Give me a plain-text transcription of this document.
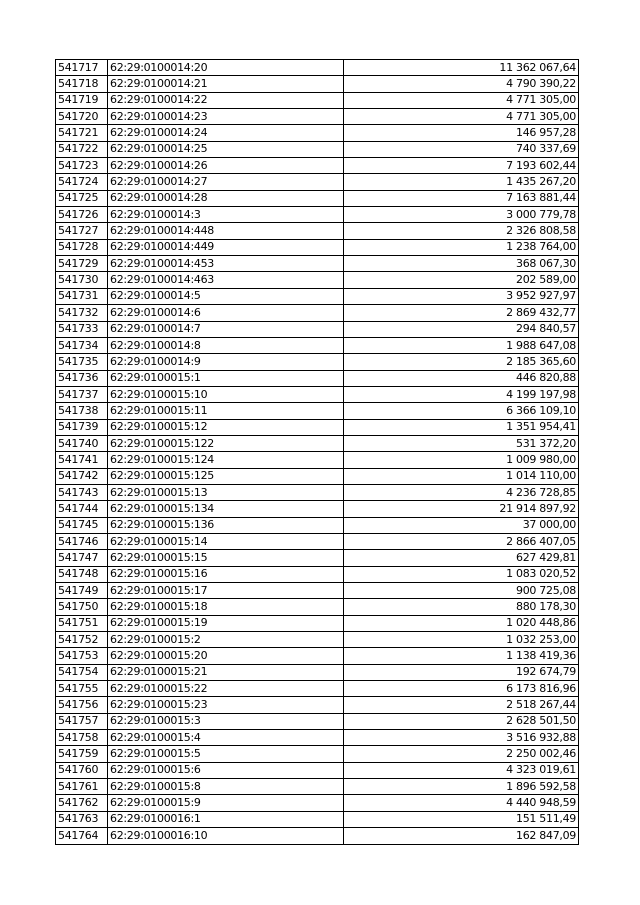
541717	62:29:0100014:20	11 362 067,64
541718	62:29:0100014:21	4 790 390,22
541719	62:29:0100014:22	4 771 305,00
541720	62:29:0100014:23	4 771 305,00
541721	62:29:0100014:24	146 957,28
541722	62:29:0100014:25	740 337,69
541723	62:29:0100014:26	7 193 602,44
541724	62:29:0100014:27	1 435 267,20
541725	62:29:0100014:28	7 163 881,44
541726	62:29:0100014:3	3 000 779,78
541727	62:29:0100014:448	2 326 808,58
541728	62:29:0100014:449	1 238 764,00
541729	62:29:0100014:453	368 067,30
541730	62:29:0100014:463	202 589,00
541731	62:29:0100014:5	3 952 927,97
541732	62:29:0100014:6	2 869 432,77
541733	62:29:0100014:7	294 840,57
541734	62:29:0100014:8	1 988 647,08
541735	62:29:0100014:9	2 185 365,60
541736	62:29:0100015:1	446 820,88
541737	62:29:0100015:10	4 199 197,98
541738	62:29:0100015:11	6 366 109,10
541739	62:29:0100015:12	1 351 954,41
541740	62:29:0100015:122	531 372,20
541741	62:29:0100015:124	1 009 980,00
541742	62:29:0100015:125	1 014 110,00
541743	62:29:0100015:13	4 236 728,85
541744	62:29:0100015:134	21 914 897,92
541745	62:29:0100015:136	37 000,00
541746	62:29:0100015:14	2 866 407,05
541747	62:29:0100015:15	627 429,81
541748	62:29:0100015:16	1 083 020,52
541749	62:29:0100015:17	900 725,08
541750	62:29:0100015:18	880 178,30
541751	62:29:0100015:19	1 020 448,86
541752	62:29:0100015:2	1 032 253,00
541753	62:29:0100015:20	1 138 419,36
541754	62:29:0100015:21	192 674,79
541755	62:29:0100015:22	6 173 816,96
541756	62:29:0100015:23	2 518 267,44
541757	62:29:0100015:3	2 628 501,50
541758	62:29:0100015:4	3 516 932,88
541759	62:29:0100015:5	2 250 002,46
541760	62:29:0100015:6	4 323 019,61
541761	62:29:0100015:8	1 896 592,58
541762	62:29:0100015:9	4 440 948,59
541763	62:29:0100016:1	151 511,49
541764	62:29:0100016:10	162 847,09
